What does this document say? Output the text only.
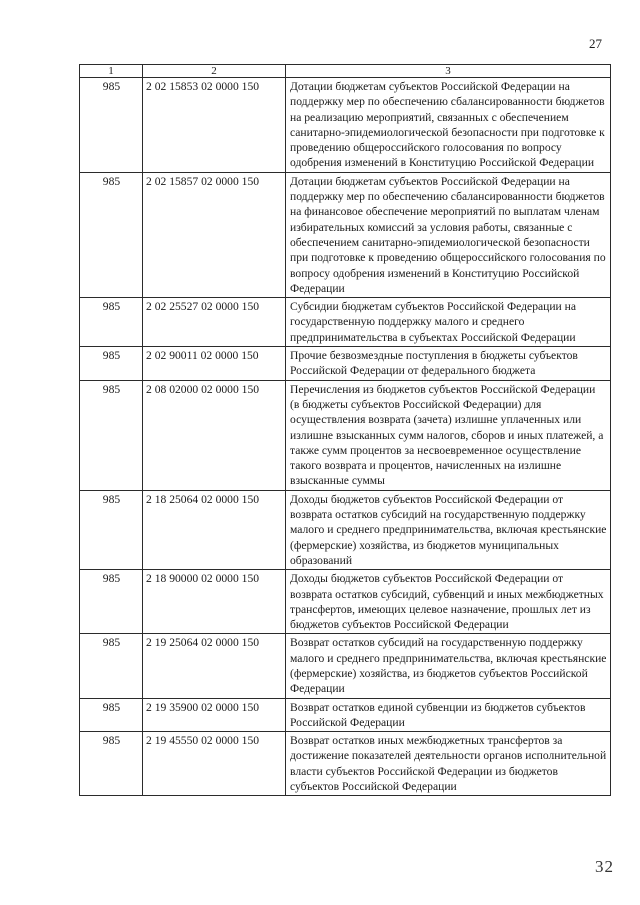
27
1	2	3
985	2 02 15853 02 0000 150	Дотации бюджетам субъектов Российской Федерации на поддержку мер по обеспечению сбалансированности бюджетов на реализацию мероприятий, связанных с обеспечением санитарно-эпидемиологической безопасности при подготовке к проведению общероссийского голосования по вопросу одобрения изменений в Конституцию Российской Федерации
985	2 02 15857 02 0000 150	Дотации бюджетам субъектов Российской Федерации на поддержку мер по обеспечению сбалансированности бюджетов на финансовое обеспечение мероприятий по выплатам членам избирательных комиссий за условия работы, связанные с обеспечением санитарно-эпидемиологической безопасности при подготовке к проведению общероссийского голосования по вопросу одобрения изменений в Конституцию Российской Федерации
985	2 02 25527 02 0000 150	Субсидии бюджетам субъектов Российской Федерации на государственную поддержку малого и среднего предпринимательства в субъектах Российской Федерации
985	2 02 90011 02 0000 150	Прочие безвозмездные поступления в бюджеты субъектов Российской Федерации от федерального бюджета
985	2 08 02000 02 0000 150	Перечисления из бюджетов субъектов Российской Федерации (в бюджеты субъектов Российской Федерации) для осуществления возврата (зачета) излишне уплаченных или излишне взысканных сумм налогов, сборов и иных платежей, а также сумм процентов за несвоевременное осуществление такого возврата и процентов, начисленных на излишне взысканные суммы
985	2 18 25064 02 0000 150	Доходы бюджетов субъектов Российской Федерации от возврата остатков субсидий на государственную поддержку малого и среднего предпринимательства, включая крестьянские (фермерские) хозяйства, из бюджетов муниципальных образований
985	2 18 90000 02 0000 150	Доходы бюджетов субъектов Российской Федерации от возврата остатков субсидий, субвенций и иных межбюджетных трансфертов, имеющих целевое назначение, прошлых лет из бюджетов субъектов Российской Федерации
985	2 19 25064 02 0000 150	Возврат остатков субсидий на государственную поддержку малого и среднего предпринимательства, включая крестьянские (фермерские) хозяйства, из бюджетов субъектов Российской Федерации
985	2 19 35900 02 0000 150	Возврат остатков единой субвенции из бюджетов субъектов Российской Федерации
985	2 19 45550 02 0000 150	Возврат остатков иных межбюджетных трансфертов за достижение показателей деятельности органов исполнительной власти субъектов Российской Федерации из бюджетов субъектов Российской Федерации
32
